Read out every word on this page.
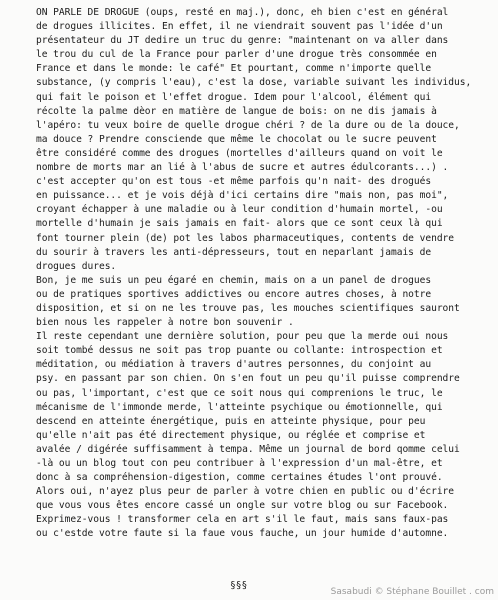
ON PARLE DE DROGUE (oups, resté en maj.), donc, eh bien c'est en général
de drogues illicites. En effet, il ne viendrait souvent pas l'idée d'un
présentateur du JT dedire un truc du genre: "maintenant on va aller dans
le trou du cul de la France pour parler d'une drogue très consommée en
France et dans le monde: le café" Et pourtant, comme n'importe quelle
substance, (y compris l'eau), c'est la dose, variable suivant les individus,
qui fait le poison et l'effet drogue. Idem pour l'alcool, élément qui
récolte la palme dèor en matière de langue de bois: on ne dis jamais à
l'apéro: tu veux boire de quelle drogue chéri ? de la dure ou de la douce,
ma douce ? Prendre consciende que même le chocolat ou le sucre peuvent
être considéré comme des drogues (mortelles d'ailleurs quand on voit le
nombre de morts mar an lié à l'abus de sucre et autres édulcorants...) .
c'est accepter qu'on est tous -et même parfois qu'n nait- des drogués
en puissance... et je vois déjà d'ici certains dire "mais non, pas moi",
croyant échapper à une maladie ou à leur condition d'humain mortel, -ou
mortelle d'humain je sais jamais en fait- alors que ce sont ceux là qui
font tourner plein (de) pot les labos pharmaceutiques, contents de vendre
du sourir à travers les anti-dépresseurs, tout en neparlant jamais de
drogues dures.
Bon, je me suis un peu égaré en chemin, mais on a un panel de drogues
ou de pratiques sportives addictives ou encore autres choses, à notre
disposition, et si on ne les trouve pas, les mouches scientifiques sauront
bien nous les rappeler à notre bon souvenir .
Il reste cependant une dernière solution, pour peu que la merde oui nous
soit tombé dessus ne soit pas trop puante ou collante: introspection et
méditation, ou médiation à travers d'autres personnes, du conjoint au
psy. en passant par son chien. On s'en fout un peu qu'il puisse comprendre
ou pas, l'important, c'est que ce soit nous qui comprenions le truc, le
mécanisme de l'immonde merde, l'atteinte psychique ou émotionnelle, qui
descend en atteinte énergétique, puis en atteinte physique, pour peu
qu'elle n'ait pas été directement physique, ou réglée et comprise et
avalée / digérée suffisamment à tempa. Même un journal de bord qomme celui
-là ou un blog tout con peu contribuer à l'expression d'un mal-être, et
donc à sa compréhension-digestion, comme certaines études l'ont prouvé.
Alors oui, n'ayez plus peur de parler à votre chien en public ou d'écrire
que vous vous êtes encore cassé un ongle sur votre blog ou sur Facebook.
Exprimez-vous ! transformer cela en art s'il le faut, mais sans faux-pas
ou c'estde votre faute si la faue vous fauche, un jour humide d'automne.
§§§
Sasabudi © Stéphane Bouillet . com
